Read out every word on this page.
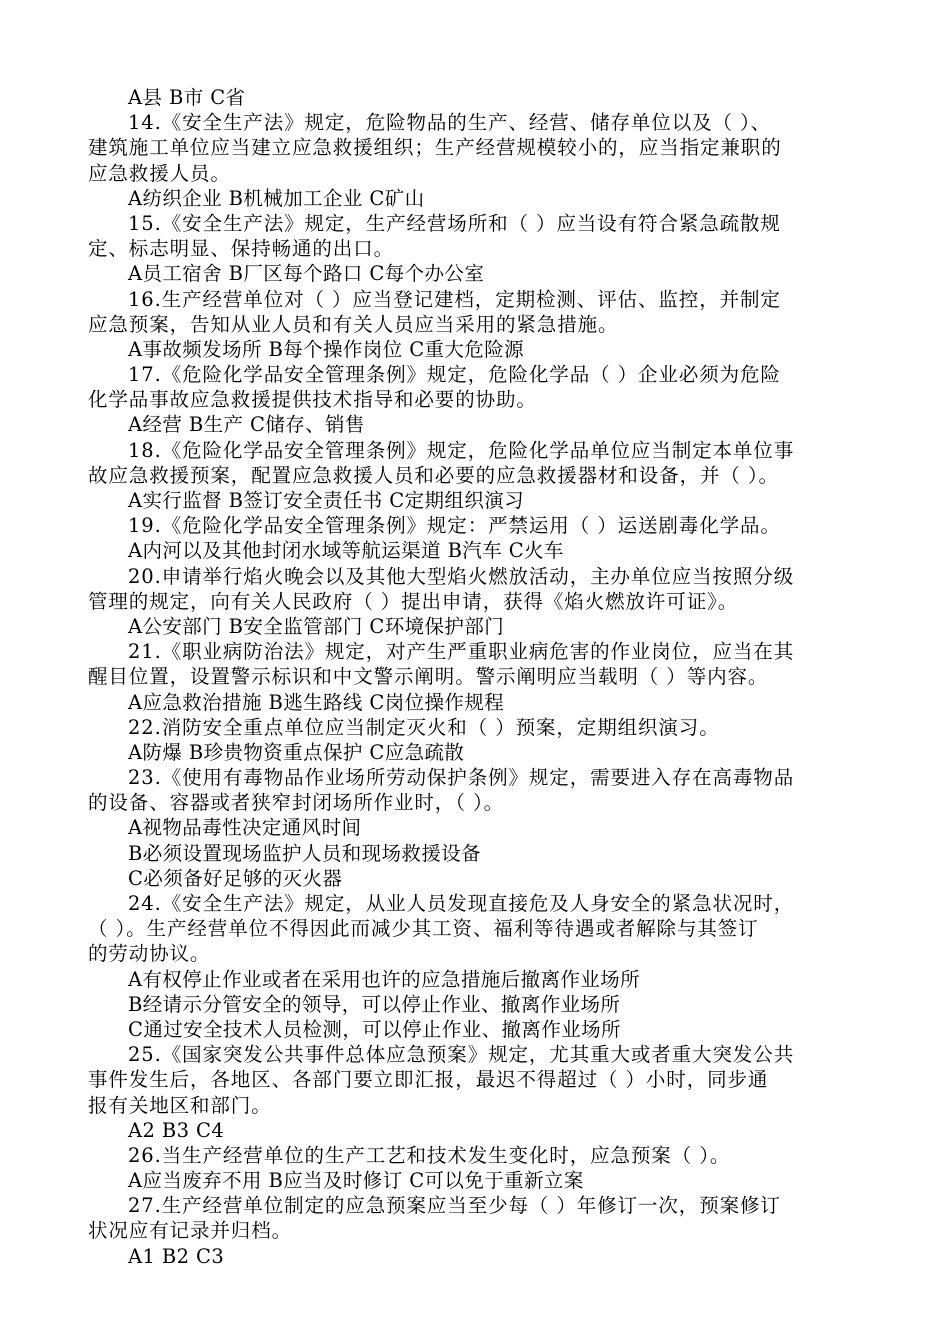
A县 B市 C省
14.《安全生产法》规定，危险物品的生产、经营、储存单位以及（ ）、
建筑施工单位应当建立应急救援组织；生产经营规模较小的，应当指定兼职的
应急救援人员。
A纺织企业 B机械加工企业 C矿山
15.《安全生产法》规定，生产经营场所和（ ）应当设有符合紧急疏散规
定、标志明显、保持畅通的出口。
A员工宿舍 B厂区每个路口 C每个办公室
16.生产经营单位对（ ）应当登记建档，定期检测、评估、监控，并制定
应急预案，告知从业人员和有关人员应当采用的紧急措施。
A事故频发场所 B每个操作岗位 C重大危险源
17.《危险化学品安全管理条例》规定，危险化学品（ ）企业必须为危险
化学品事故应急救援提供技术指导和必要的协助。
A经营 B生产 C储存、销售
18.《危险化学品安全管理条例》规定，危险化学品单位应当制定本单位事
故应急救援预案，配置应急救援人员和必要的应急救援器材和设备，并（ ）。
A实行监督 B签订安全责任书 C定期组织演习
19.《危险化学品安全管理条例》规定：严禁运用（ ）运送剧毒化学品。
A内河以及其他封闭水域等航运渠道 B汽车 C火车
20.申请举行焰火晚会以及其他大型焰火燃放活动，主办单位应当按照分级
管理的规定，向有关人民政府（ ）提出申请，获得《焰火燃放许可证》。
A公安部门 B安全监管部门 C环境保护部门
21.《职业病防治法》规定，对产生严重职业病危害的作业岗位，应当在其
醒目位置，设置警示标识和中文警示阐明。警示阐明应当载明（ ）等内容。
A应急救治措施 B逃生路线 C岗位操作规程
22.消防安全重点单位应当制定灭火和（ ）预案，定期组织演习。
A防爆 B珍贵物资重点保护 C应急疏散
23.《使用有毒物品作业场所劳动保护条例》规定，需要进入存在高毒物品
的设备、容器或者狭窄封闭场所作业时，（ ）。
A视物品毒性决定通风时间
B必须设置现场监护人员和现场救援设备
C必须备好足够的灭火器
24.《安全生产法》规定，从业人员发现直接危及人身安全的紧急状况时，
（ ）。生产经营单位不得因此而减少其工资、福利等待遇或者解除与其签订
的劳动协议。
A有权停止作业或者在采用也许的应急措施后撤离作业场所
B经请示分管安全的领导，可以停止作业、撤离作业场所
C通过安全技术人员检测，可以停止作业、撤离作业场所
25.《国家突发公共事件总体应急预案》规定，尤其重大或者重大突发公共
事件发生后，各地区、各部门要立即汇报，最迟不得超过（ ）小时，同步通
报有关地区和部门。
A2 B3 C4
26.当生产经营单位的生产工艺和技术发生变化时，应急预案（ ）。
A应当废弃不用 B应当及时修订 C可以免于重新立案
27.生产经营单位制定的应急预案应当至少每（ ）年修订一次，预案修订
状况应有记录并归档。
A1 B2 C3
